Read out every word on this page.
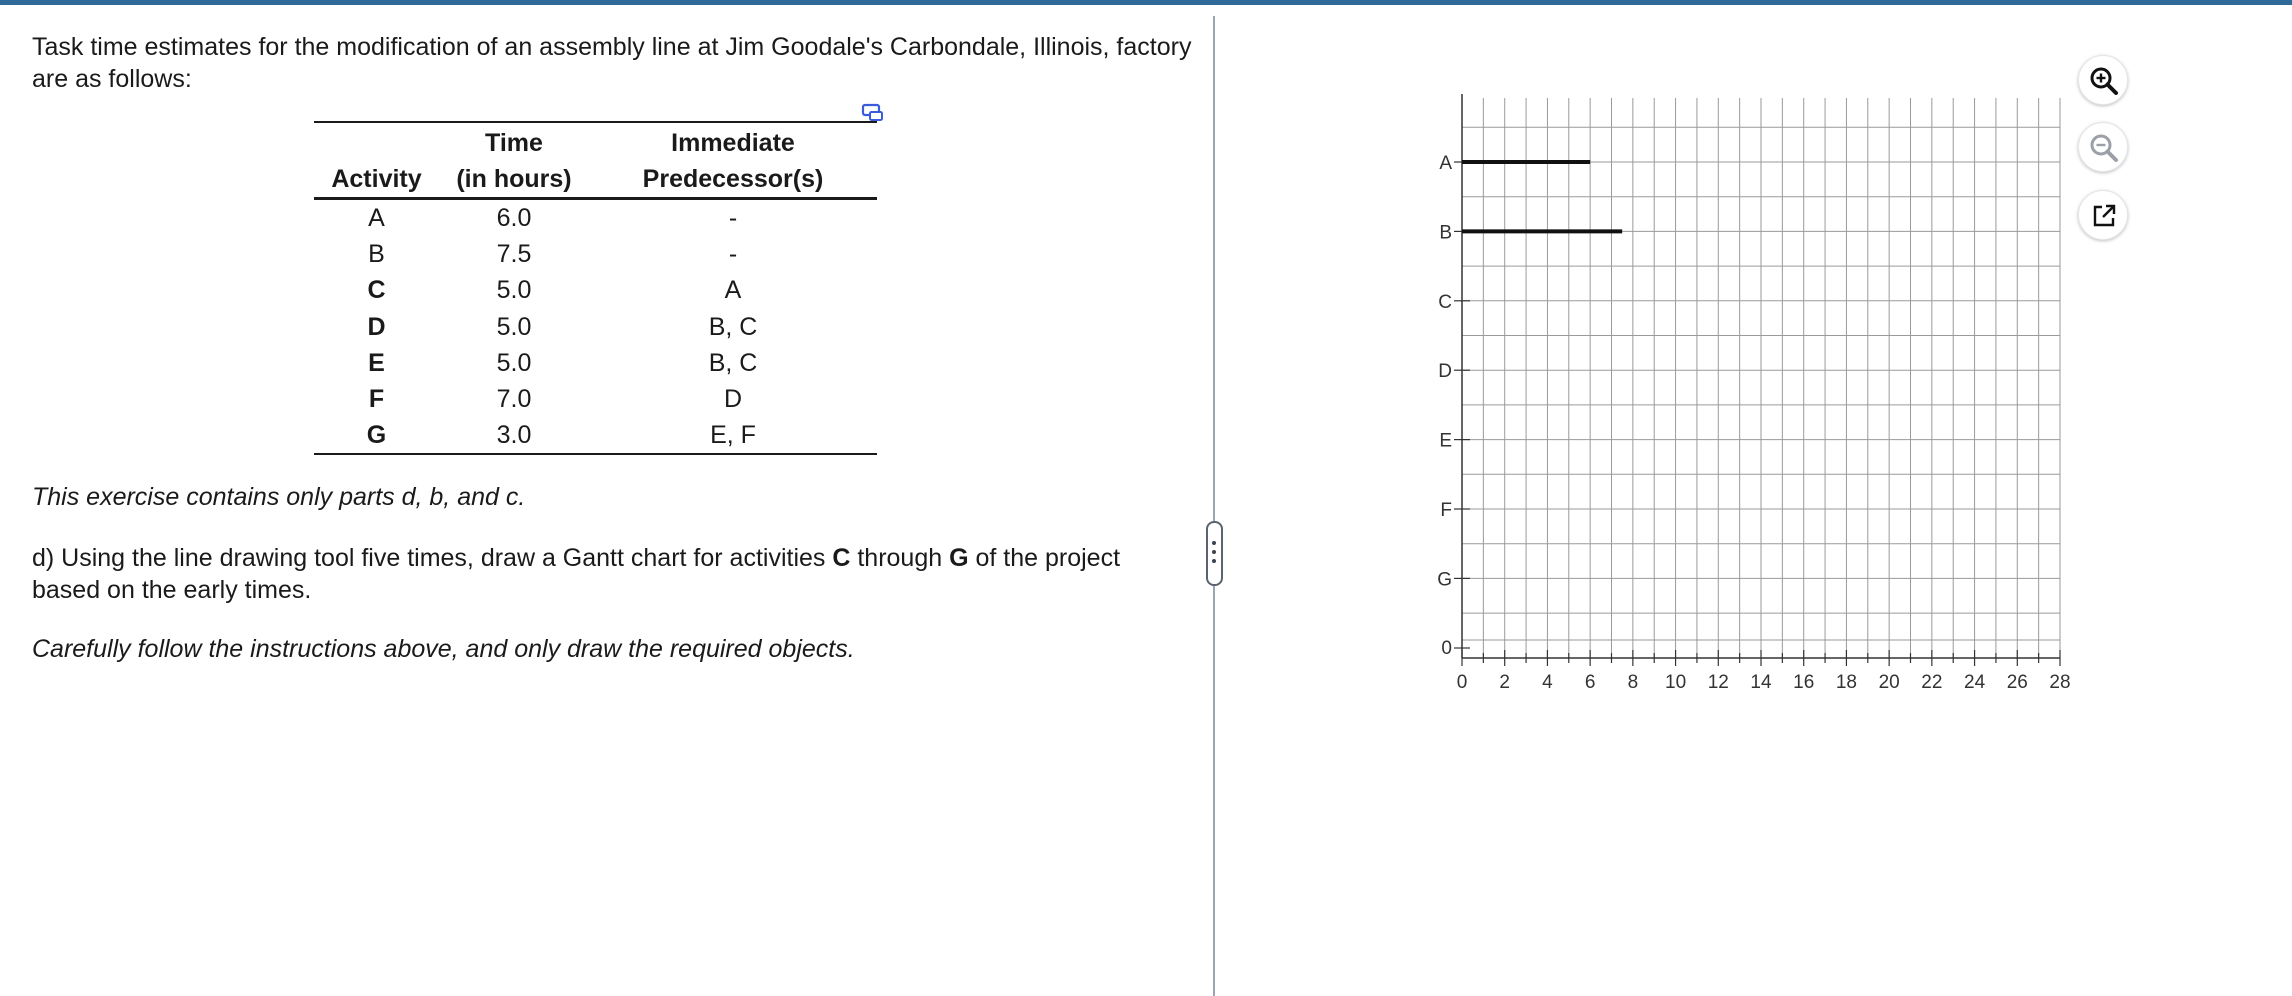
Task time estimates for the modification of an assembly line at Jim Goodale's Carbondale, Illinois, factory are as follows:

	Time	Immediate
Activity	(in hours)	Predecessor(s)
A	6.0	-
B	7.5	-
C	5.0	A
D	5.0	B, C
E	5.0	B, C
F	7.0	D
G	3.0	E, F

This exercise contains only parts d, b, and c.

d) Using the line drawing tool five times, draw a Gantt chart for activities C through G of the project based on the early times.

Carefully follow the instructions above, and only draw the required objects.

A
B
C
D
E
F
G
0
0 2 4 6 8 10 12 14 16 18 20 22 24 26 28
